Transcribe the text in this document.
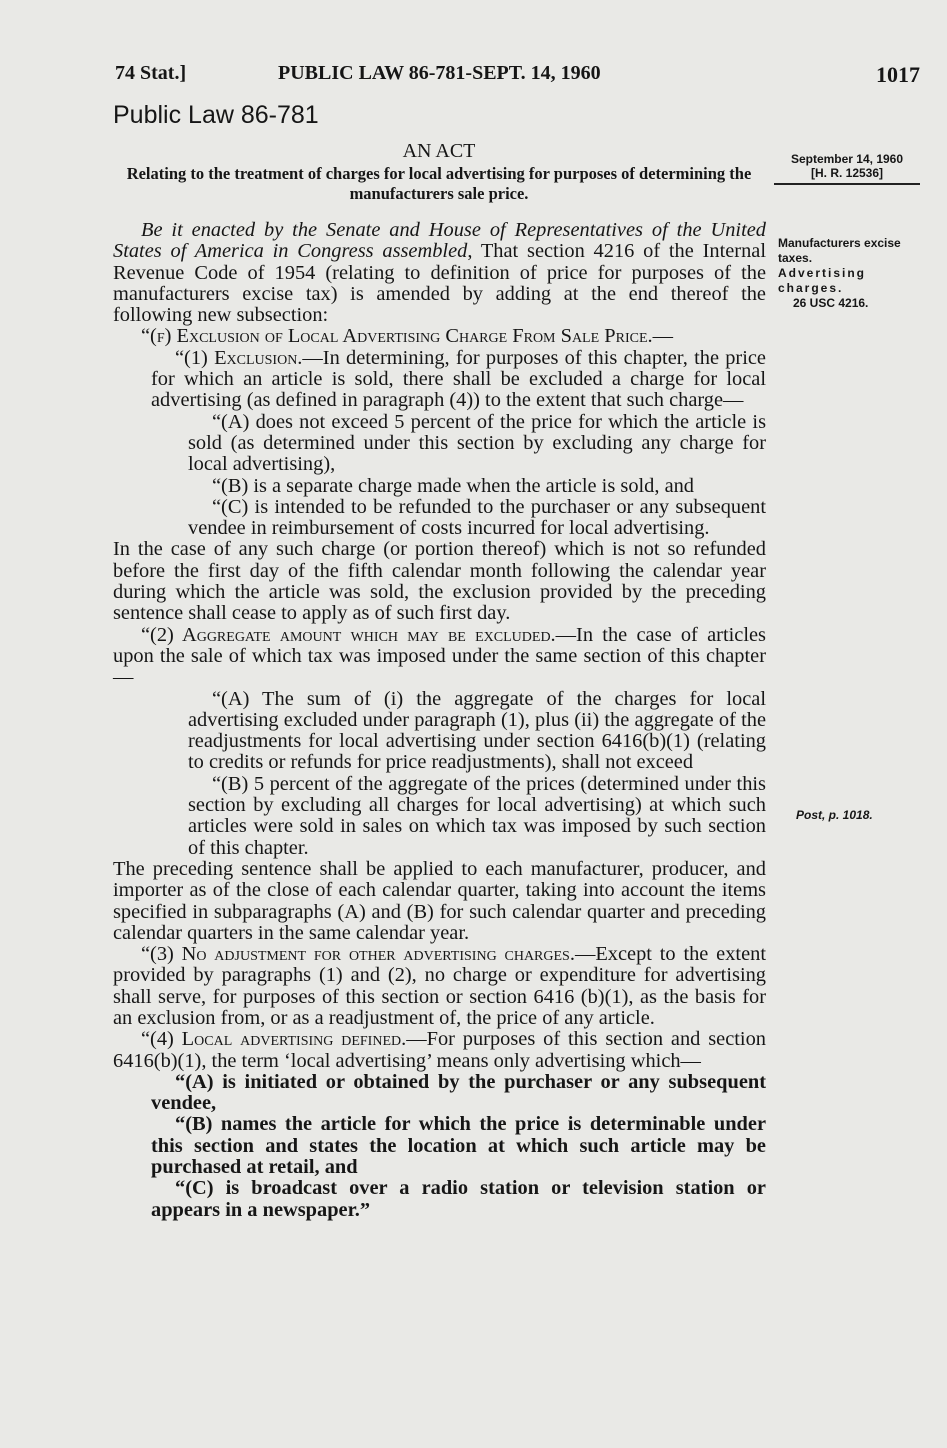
74 Stat.]	PUBLIC LAW 86-781-SEPT. 14, 1960	1017
Public Law 86-781
AN ACT
Relating to the treatment of charges for local advertising for purposes of determining the manufacturers sale price.
September 14, 1960
[H. R. 12536]
Manufacturers excise taxes.
Advertising charges.
26 USC 4216.
Post, p. 1018.

Be it enacted by the Senate and House of Representatives of the United States of America in Congress assembled, That section 4216 of the Internal Revenue Code of 1954 (relating to definition of price for purposes of the manufacturers excise tax) is amended by adding at the end thereof the following new subsection:

“(f) Exclusion of Local Advertising Charge From Sale Price.—

“(1) Exclusion.—In determining, for purposes of this chapter, the price for which an article is sold, there shall be excluded a charge for local advertising (as defined in paragraph (4)) to the extent that such charge—

“(A) does not exceed 5 percent of the price for which the article is sold (as determined under this section by excluding any charge for local advertising),

“(B) is a separate charge made when the article is sold, and

“(C) is intended to be refunded to the purchaser or any subsequent vendee in reimbursement of costs incurred for local advertising.

In the case of any such charge (or portion thereof) which is not so refunded before the first day of the fifth calendar month following the calendar year during which the article was sold, the exclusion provided by the preceding sentence shall cease to apply as of such first day.

“(2) Aggregate amount which may be excluded.—In the case of articles upon the sale of which tax was imposed under the same section of this chapter—

“(A) The sum of (i) the aggregate of the charges for local advertising excluded under paragraph (1), plus (ii) the aggregate of the readjustments for local advertising under section 6416(b)(1) (relating to credits or refunds for price readjustments), shall not exceed

“(B) 5 percent of the aggregate of the prices (determined under this section by excluding all charges for local advertising) at which such articles were sold in sales on which tax was imposed by such section of this chapter.

The preceding sentence shall be applied to each manufacturer, producer, and importer as of the close of each calendar quarter, taking into account the items specified in subparagraphs (A) and (B) for such calendar quarter and preceding calendar quarters in the same calendar year.

“(3) No adjustment for other advertising charges.—Except to the extent provided by paragraphs (1) and (2), no charge or expenditure for advertising shall serve, for purposes of this section or section 6416 (b)(1), as the basis for an exclusion from, or as a readjustment of, the price of any article.

“(4) Local advertising defined.—For purposes of this section and section 6416(b)(1), the term ‘local advertising’ means only advertising which—

“(A) is initiated or obtained by the purchaser or any subsequent vendee,

“(B) names the article for which the price is determinable under this section and states the location at which such article may be purchased at retail, and

“(C) is broadcast over a radio station or television station or appears in a newspaper.”
